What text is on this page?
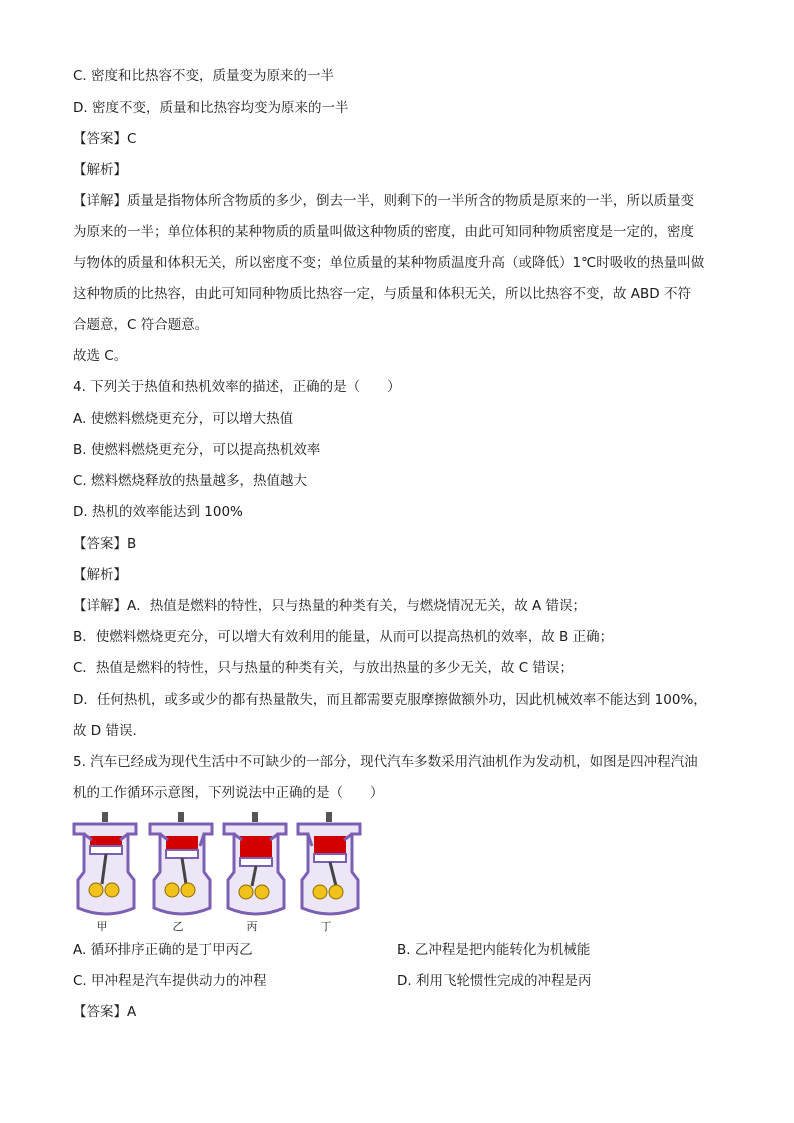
C. 密度和比热容不变，质量变为原来的一半
D. 密度不变，质量和比热容均变为原来的一半
【答案】C
【解析】
【详解】质量是指物体所含物质的多少，倒去一半，则剩下的一半所含的物质是原来的一半，所以质量变
为原来的一半；单位体积的某种物质的质量叫做这种物质的密度，由此可知同种物质密度是一定的，密度
与物体的质量和体积无关，所以密度不变；单位质量的某种物质温度升高（或降低）1℃时吸收的热量叫做
这种物质的比热容，由此可知同种物质比热容一定，与质量和体积无关，所以比热容不变，故 ABD 不符
合题意，C 符合题意。
故选 C。
4. 下列关于热值和热机效率的描述，正确的是（　　）
A. 使燃料燃烧更充分，可以增大热值
B. 使燃料燃烧更充分，可以提高热机效率
C. 燃料燃烧释放的热量越多，热值越大
D. 热机的效率能达到 100%
【答案】B
【解析】
【详解】A．热值是燃料的特性，只与热量的种类有关，与燃烧情况无关，故 A 错误；
B．使燃料燃烧更充分，可以增大有效利用的能量，从而可以提高热机的效率，故 B 正确；
C．热值是燃料的特性，只与热量的种类有关，与放出热量的多少无关，故 C 错误；
D．任何热机，或多或少的都有热量散失，而且都需要克服摩擦做额外功，因此机械效率不能达到 100%，
故 D 错误．
5. 汽车已经成为现代生活中不可缺少的一部分，现代汽车多数采用汽油机作为发动机，如图是四冲程汽油
机的工作循环示意图，下列说法中正确的是（　　）
甲	乙	丙	丁
A. 循环排序正确的是丁甲丙乙	B. 乙冲程是把内能转化为机械能
C. 甲冲程是汽车提供动力的冲程	D. 利用飞轮惯性完成的冲程是丙
【答案】A
